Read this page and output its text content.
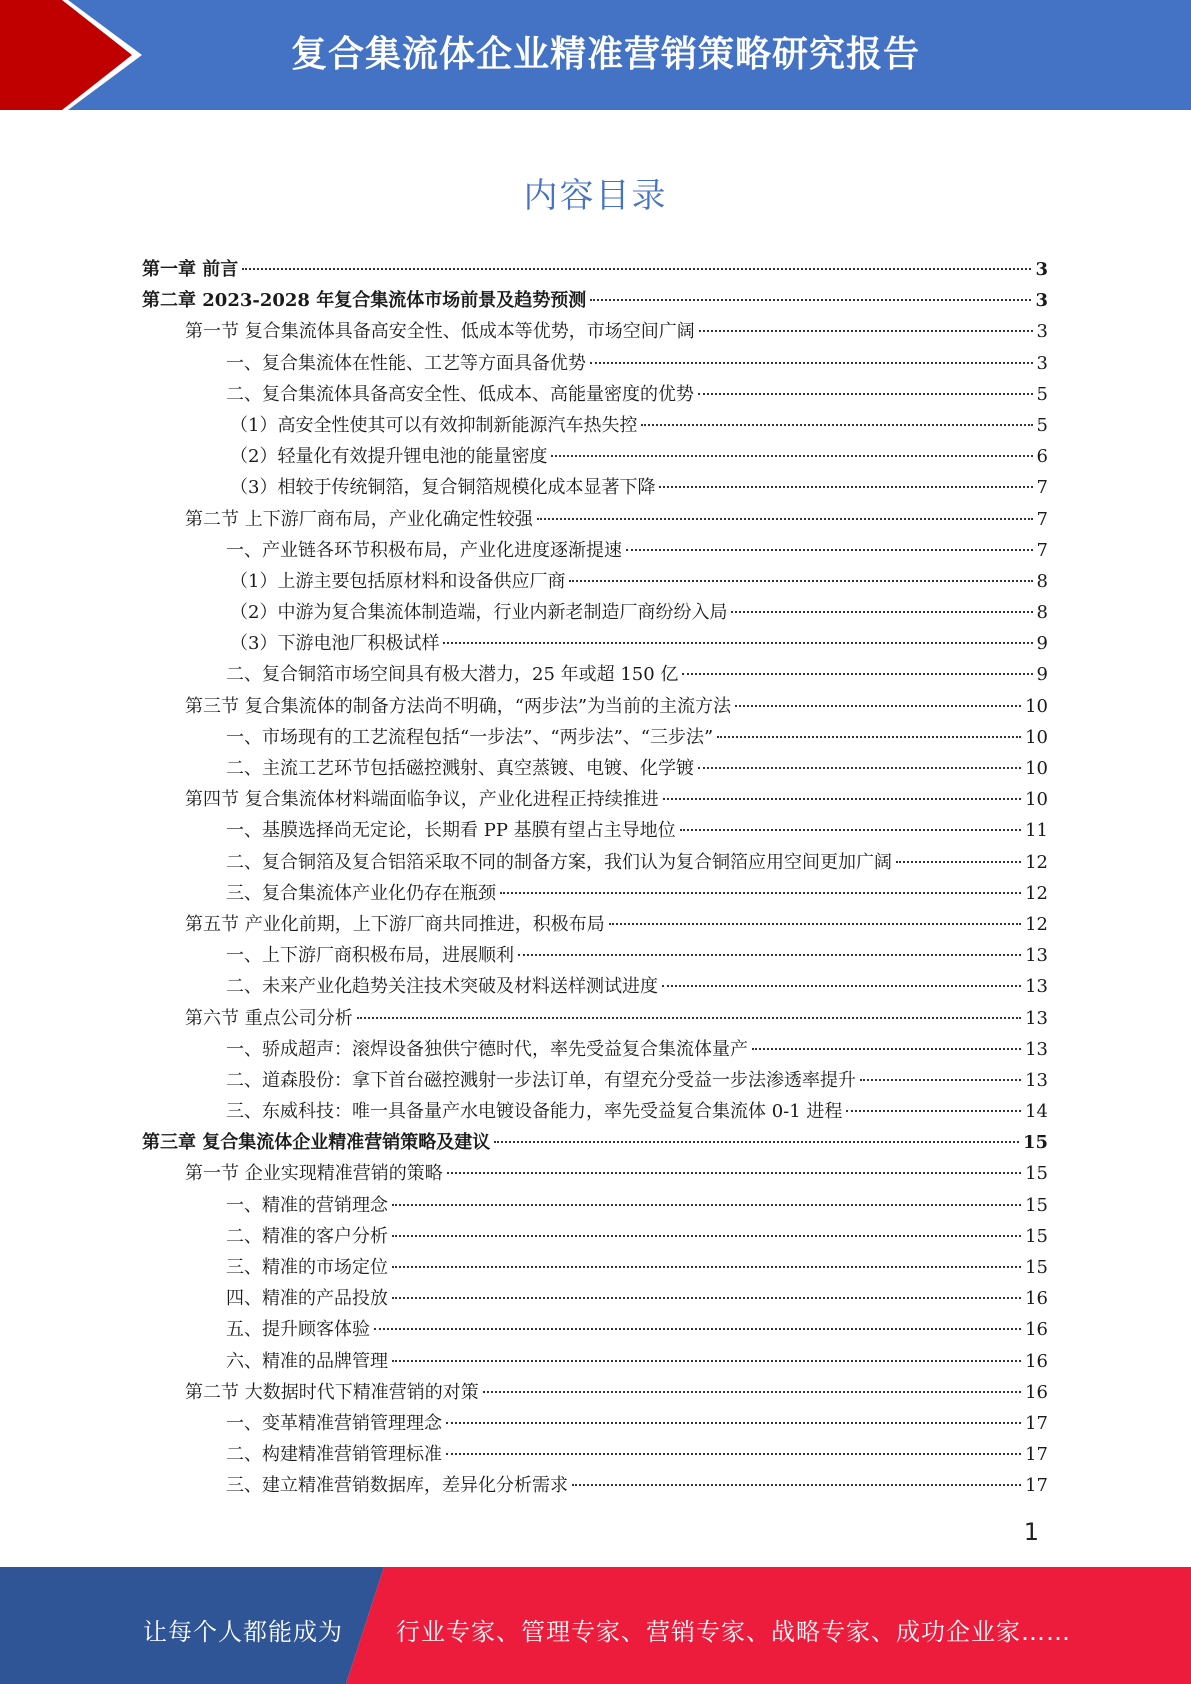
复合集流体企业精准营销策略研究报告
内容目录
第一章 前言	3
第二章 2023-2028 年复合集流体市场前景及趋势预测	3
第一节 复合集流体具备高安全性、低成本等优势，市场空间广阔	3
一、复合集流体在性能、工艺等方面具备优势	3
二、复合集流体具备高安全性、低成本、高能量密度的优势	5
（1）高安全性使其可以有效抑制新能源汽车热失控	5
（2）轻量化有效提升锂电池的能量密度	6
（3）相较于传统铜箔，复合铜箔规模化成本显著下降	7
第二节 上下游厂商布局，产业化确定性较强	7
一、产业链各环节积极布局，产业化进度逐渐提速	7
（1）上游主要包括原材料和设备供应厂商	8
（2）中游为复合集流体制造端，行业内新老制造厂商纷纷入局	8
（3）下游电池厂积极试样	9
二、复合铜箔市场空间具有极大潜力，25 年或超 150 亿	9
第三节 复合集流体的制备方法尚不明确，“两步法”为当前的主流方法	10
一、市场现有的工艺流程包括“一步法”、“两步法”、“三步法”	10
二、主流工艺环节包括磁控溅射、真空蒸镀、电镀、化学镀	10
第四节 复合集流体材料端面临争议，产业化进程正持续推进	10
一、基膜选择尚无定论，长期看 PP 基膜有望占主导地位	11
二、复合铜箔及复合铝箔采取不同的制备方案，我们认为复合铜箔应用空间更加广阔	12
三、复合集流体产业化仍存在瓶颈	12
第五节 产业化前期，上下游厂商共同推进，积极布局	12
一、上下游厂商积极布局，进展顺利	13
二、未来产业化趋势关注技术突破及材料送样测试进度	13
第六节 重点公司分析	13
一、骄成超声：滚焊设备独供宁德时代，率先受益复合集流体量产	13
二、道森股份：拿下首台磁控溅射一步法订单，有望充分受益一步法渗透率提升	13
三、东威科技：唯一具备量产水电镀设备能力，率先受益复合集流体 0-1 进程	14
第三章 复合集流体企业精准营销策略及建议	15
第一节 企业实现精准营销的策略	15
一、精准的营销理念	15
二、精准的客户分析	15
三、精准的市场定位	15
四、精准的产品投放	16
五、提升顾客体验	16
六、精准的品牌管理	16
第二节 大数据时代下精准营销的对策	16
一、变革精准营销管理理念	17
二、构建精准营销管理标准	17
三、建立精准营销数据库，差异化分析需求	17
1
让每个人都能成为 行业专家、管理专家、营销专家、战略专家、成功企业家……
